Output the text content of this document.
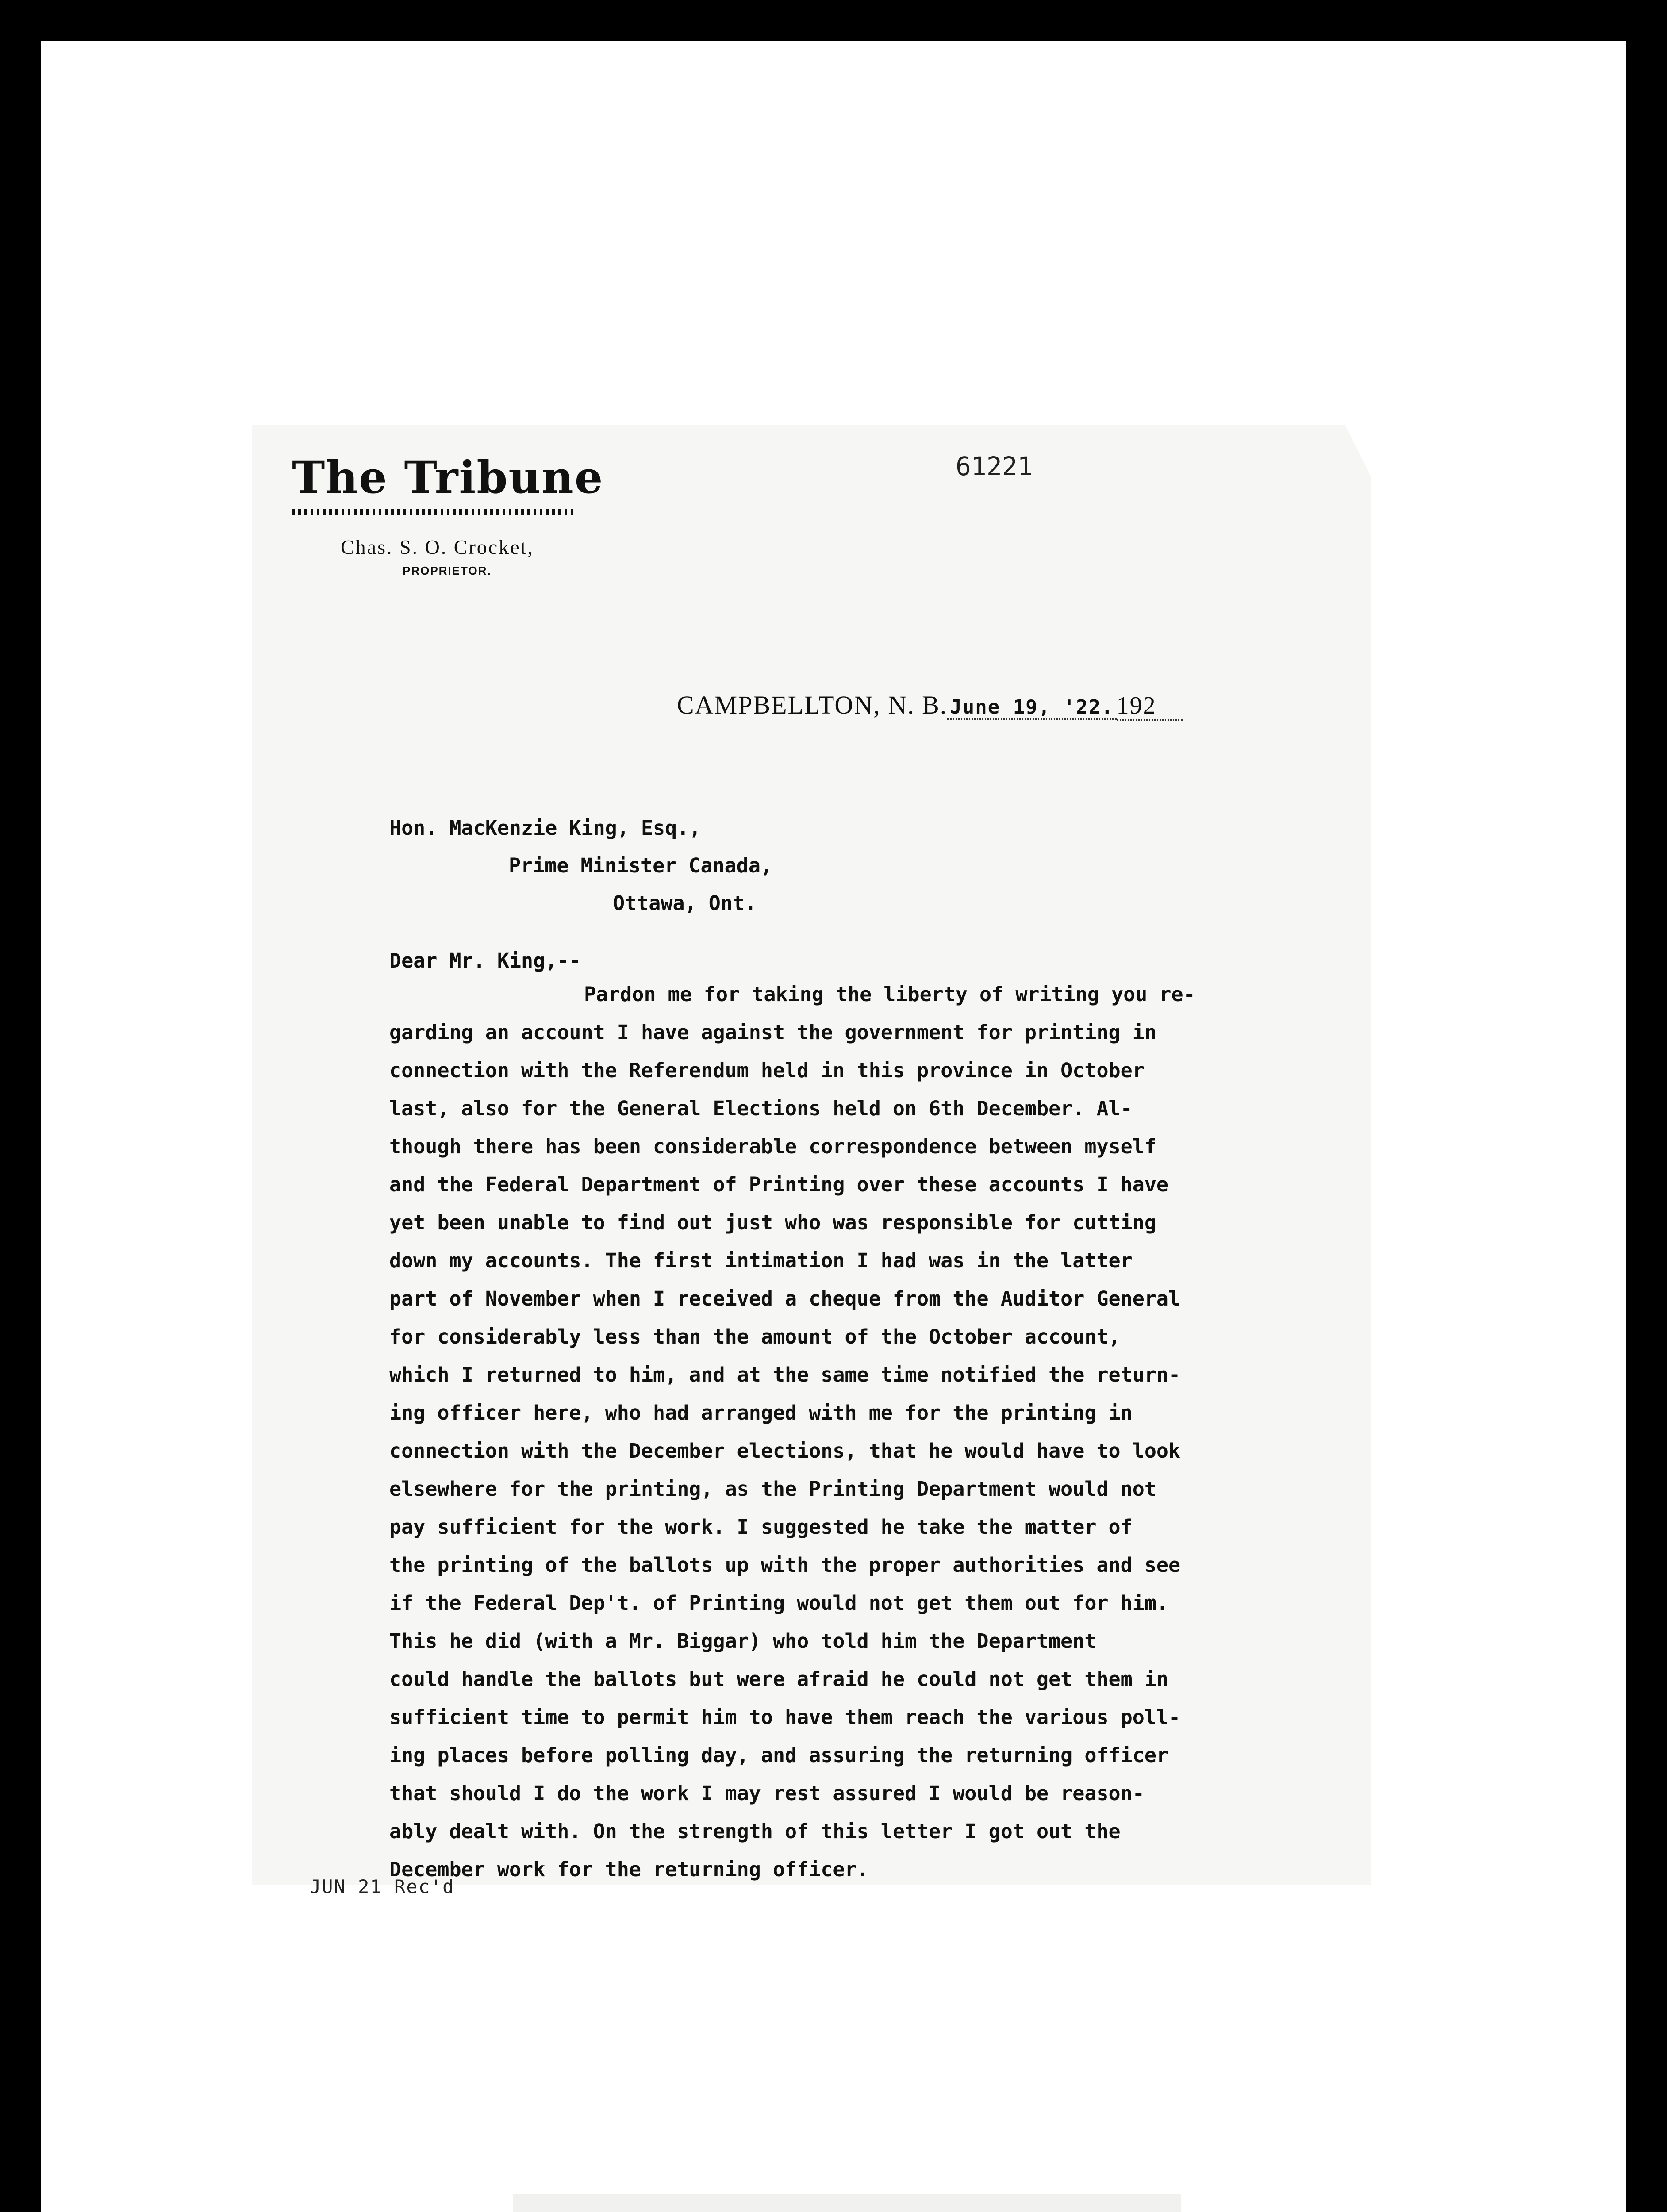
The Tribune
Chas. S. O. Crocket,
PROPRIETOR.
61221
CAMPBELLTON, N. B. June 19, '22. 192
Hon. MacKenzie King, Esq.,
Prime Minister Canada,
Ottawa, Ont.
Dear Mr. King,--
Pardon me for taking the liberty of writing you re-
garding an account I have against the government for printing in
connection with the Referendum held in this province in October
last, also for the General Elections held on 6th December. Al-
though there has been considerable correspondence between myself
and the Federal Department of Printing over these accounts I have
yet been unable to find out just who was responsible for cutting
down my accounts. The first intimation I had was in the latter
part of November when I received a cheque from the Auditor General
for considerably less than the amount of the October account,
which I returned to him, and at the same time notified the return-
ing officer here, who had arranged with me for the printing in
connection with the December elections, that he would have to look
elsewhere for the printing, as the Printing Department would not
pay sufficient for the work. I suggested he take the matter of
the printing of the ballots up with the proper authorities and see
if the Federal Dep't. of Printing would not get them out for him.
This he did (with a Mr. Biggar) who told him the Department
could handle the ballots but were afraid he could not get them in
sufficient time to permit him to have them reach the various poll-
ing places before polling day, and assuring the returning officer
that should I do the work I may rest assured I would be reason-
ably dealt with. On the strength of this letter I got out the
December work for the returning officer.
JUN 21 Rec'd
